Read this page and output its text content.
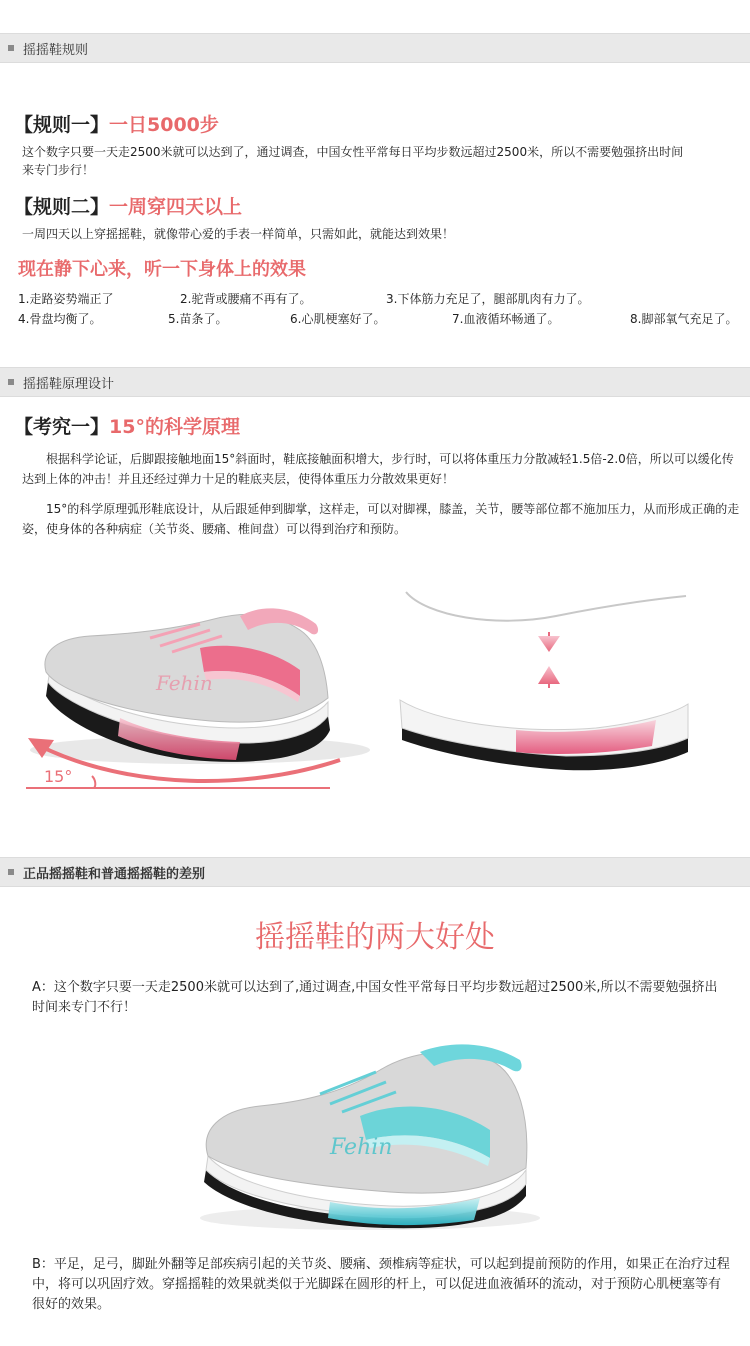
摇摇鞋规则
【规则一】一日5000步
这个数字只要一天走2500米就可以达到了，通过调查，中国女性平常每日平均步数远超过2500米，所以不需要勉强挤出时间来专门步行！
【规则二】一周穿四天以上
一周四天以上穿摇摇鞋，就像带心爱的手表一样简单，只需如此，就能达到效果！
现在静下心来，听一下身体上的效果
1.走路姿势端正了	2.驼背或腰痛不再有了。	3.下体筋力充足了，腿部肌肉有力了。
4.骨盘均衡了。	5.苗条了。	6.心肌梗塞好了。	7.血液循环畅通了。	8.脚部氧气充足了。
摇摇鞋原理设计
【考究一】15°的科学原理
根据科学论证，后脚跟接触地面15°斜面时，鞋底接触面积增大，步行时，可以将体重压力分散减轻1.5倍-2.0倍，所以可以缓化传达到上体的冲击！并且还经过弹力十足的鞋底夹层，使得体重压力分散效果更好！
15°的科学原理弧形鞋底设计，从后跟延伸到脚掌，这样走，可以对脚裸，膝盖，关节，腰等部位都不施加压力，从而形成正确的走姿，使身体的各种病症（关节炎、腰痛、椎间盘）可以得到治疗和预防。
Fehin
15°
正品摇摇鞋和普通摇摇鞋的差别
摇摇鞋的两大好处
A：这个数字只要一天走2500米就可以达到了,通过调查,中国女性平常每日平均步数远超过2500米,所以不需要勉强挤出时间来专门不行！
Fehin
B：平足，足弓，脚趾外翻等足部疾病引起的关节炎、腰痛、颈椎病等症状，可以起到提前预防的作用，如果正在治疗过程中，将可以巩固疗效。穿摇摇鞋的效果就类似于光脚踩在圆形的杆上，可以促进血液循环的流动，对于预防心肌梗塞等有很好的效果。
